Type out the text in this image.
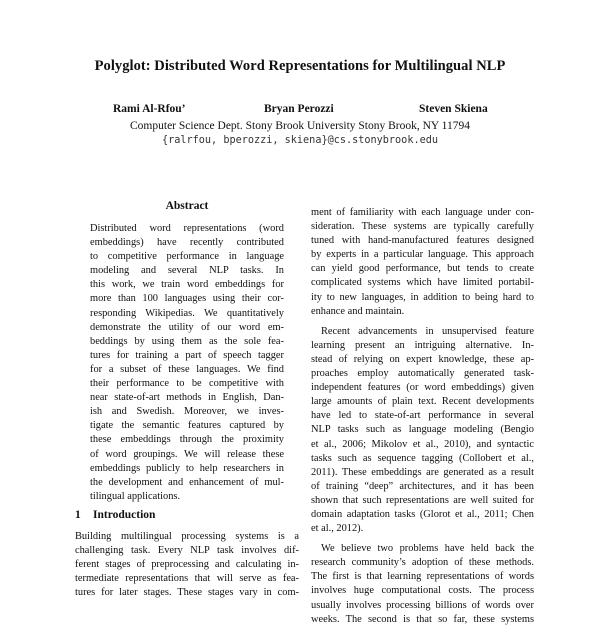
Polyglot: Distributed Word Representations for Multilingual NLP
Rami Al-Rfou’	Bryan Perozzi	Steven Skiena
Computer Science Dept. Stony Brook University Stony Brook, NY 11794
{ralrfou, bperozzi, skiena}@cs.stonybrook.edu
Abstract
Distributed word representations (word
embeddings) have recently contributed
to competitive performance in language
modeling and several NLP tasks. In
this work, we train word embeddings for
more than 100 languages using their cor-
responding Wikipedias. We quantitatively
demonstrate the utility of our word em-
beddings by using them as the sole fea-
tures for training a part of speech tagger
for a subset of these languages. We find
their performance to be competitive with
near state-of-art methods in English, Dan-
ish and Swedish. Moreover, we inves-
tigate the semantic features captured by
these embeddings through the proximity
of word groupings. We will release these
embeddings publicly to help researchers in
the development and enhancement of mul-
tilingual applications.
1 Introduction
Building multilingual processing systems is a
challenging task. Every NLP task involves dif-
ferent stages of preprocessing and calculating in-
termediate representations that will serve as fea-
tures for later stages. These stages vary in com-
ment of familiarity with each language under con-
sideration. These systems are typically carefully
tuned with hand-manufactured features designed
by experts in a particular language. This approach
can yield good performance, but tends to create
complicated systems which have limited portabil-
ity to new languages, in addition to being hard to
enhance and maintain.
Recent advancements in unsupervised feature
learning present an intriguing alternative. In-
stead of relying on expert knowledge, these ap-
proaches employ automatically generated task-
independent features (or word embeddings) given
large amounts of plain text. Recent developments
have led to state-of-art performance in several
NLP tasks such as language modeling (Bengio
et al., 2006; Mikolov et al., 2010), and syntactic
tasks such as sequence tagging (Collobert et al.,
2011). These embeddings are generated as a result
of training “deep” architectures, and it has been
shown that such representations are well suited for
domain adaptation tasks (Glorot et al., 2011; Chen
et al., 2012).
We believe two problems have held back the
research community’s adoption of these methods.
The first is that learning representations of words
involves huge computational costs. The process
usually involves processing billions of words over
weeks. The second is that so far, these systems
